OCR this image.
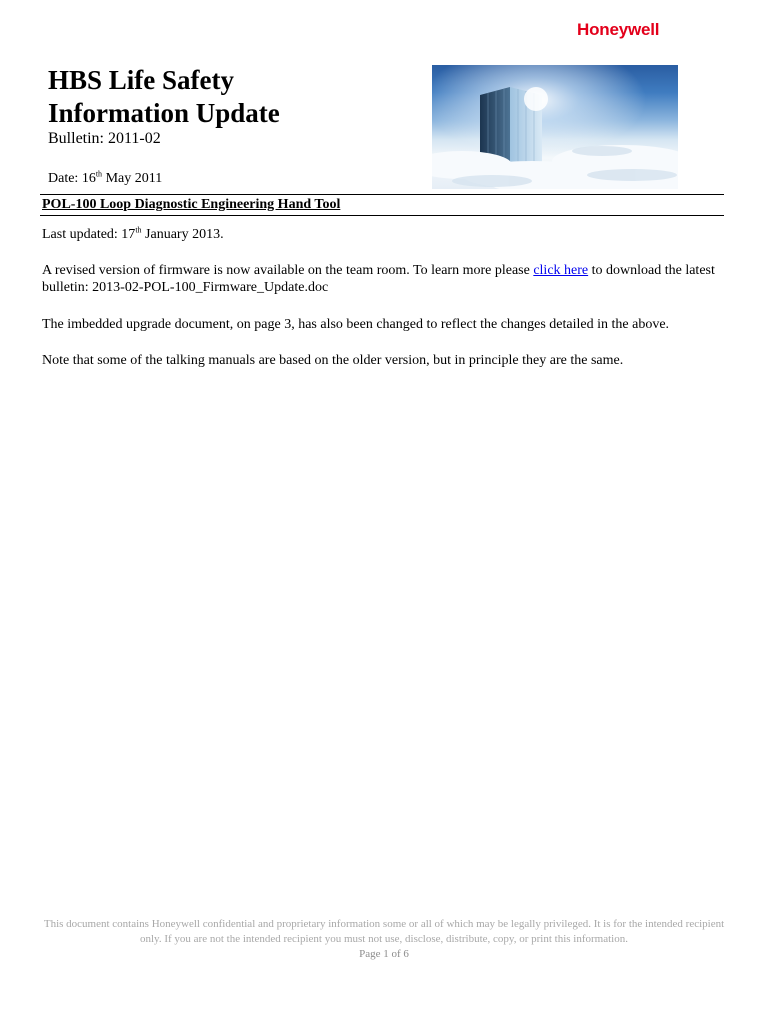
Honeywell
HBS Life Safety
Information Update
Bulletin: 2011-02
Date: 16th May 2011
POL-100 Loop Diagnostic Engineering Hand Tool
Last updated: 17th January 2013.
A revised version of firmware is now available on the team room. To learn more please click here to download the latest bulletin: 2013-02-POL-100_Firmware_Update.doc
The imbedded upgrade document, on page 3, has also been changed to reflect the changes detailed in the above.
Note that some of the talking manuals are based on the older version, but in principle they are the same.
This document contains Honeywell confidential and proprietary information some or all of which may be legally privileged. It is for the intended recipient only. If you are not the intended recipient you must not use, disclose, distribute, copy, or print this information.
Page 1 of 6
